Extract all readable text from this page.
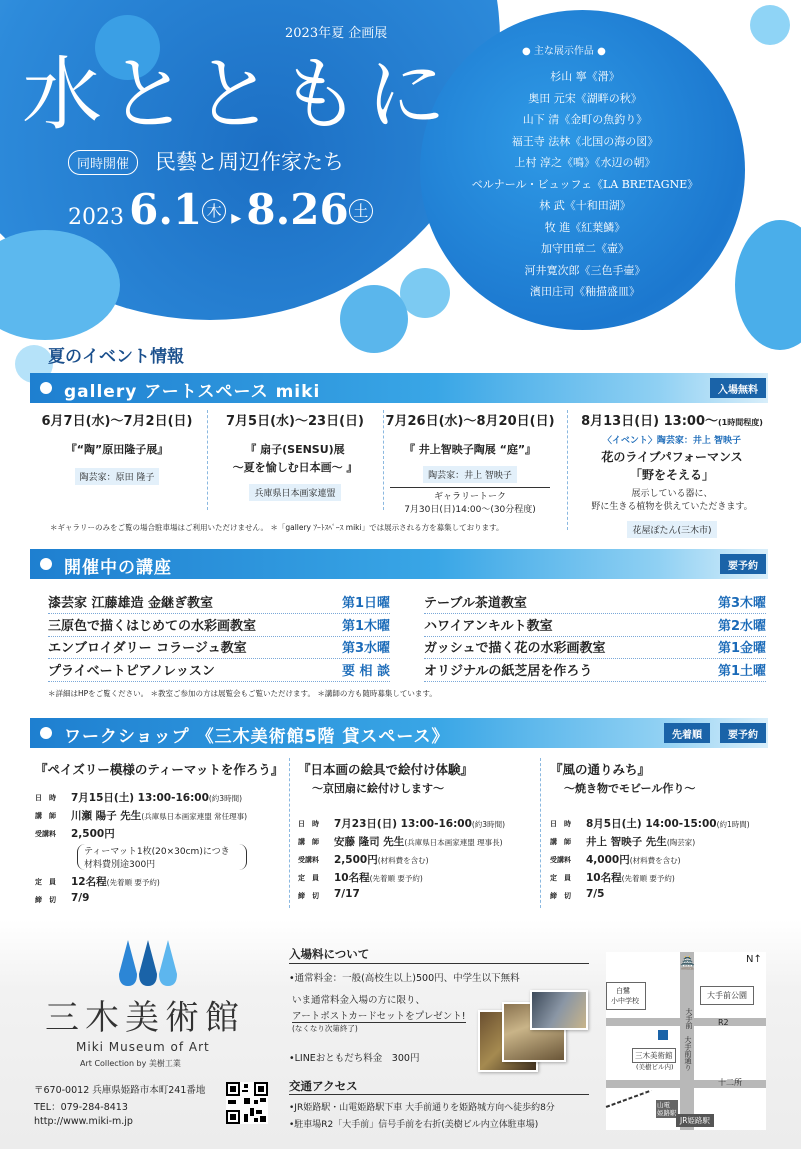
2023年夏 企画展
水とともに
同時開催	民藝と周辺作家たち
2023 6.1 木 ▸ 8.26 土
● 主な展示作品 ●
杉山 寧《滑》
奥田 元宋《湖畔の秋》
山下 清《金町の魚釣り》
福王寺 法林《北国の海の図》
上村 淳之《鳴》《水辺の朝》
ベルナール・ビュッフェ《LA BRETAGNE》
林 武《十和田湖》
牧 進《紅葉鱗》
加守田章二《壷》
河井寛次郎《三色手壷》
濱田庄司《釉描盛皿》
夏のイベント情報
gallery アートスペース miki	入場無料
6月7日(水)～7月2日(日)
『“陶”原田隆子展』
陶芸家：原田 隆子
7月5日(水)～23日(日)
『 扇子(SENSU)展
～夏を愉しむ日本画～ 』
兵庫県日本画家連盟
7月26日(水)～8月20日(日)
『 井上智映子陶展 “庭”』
陶芸家：井上 智映子
ギャラリートーク
7月30日(日)14:00～(30分程度)
8月13日(日) 13:00～(1時間程度)
〈イベント〉陶芸家：井上 智映子
花のライブパフォーマンス
「野をそえる」
展示している器に、
野に生きる植物を供えていただきます。
花屋ぽたん(三木市)
＊ギャラリーのみをご覧の場合駐車場はご利用いただけません。 ＊「gallery ｱｰﾄｽﾍﾟｰｽ miki」では展示される方を募集しております。
開催中の講座	要予約
漆芸家 江藤雄造 金継ぎ教室	第1日曜
三原色で描くはじめての水彩画教室	第1木曜
エンブロイダリー コラージュ教室	第3水曜
プライベートピアノレッスン	要 相 談
テーブル茶道教室	第3木曜
ハワイアンキルト教室	第2水曜
ガッシュで描く花の水彩画教室	第1金曜
オリジナルの紙芝居を作ろう	第1土曜
＊詳細はHPをご覧ください。 ＊教室ご参加の方は展覧会もご覧いただけます。 ＊講師の方も随時募集しています。
ワークショップ 《三木美術館5階 貸スペース》	先着順	要予約
『ペイズリー模様のティーマットを作ろう』
日　時 7月15日(土) 13:00-16:00(約3時間)
講　師 川瀬 陽子 先生(兵庫県日本画家連盟 常任理事)
受講料 2,500円
ティーマット1枚(20×30cm)につき
材料費別途300円
定　員 12名程(先着順 要予約)
締　切 7/9
『日本画の絵具で絵付け体験』
～京団扇に絵付けします～
日　時 7月23日(日) 13:00-16:00(約3時間)
講　師 安藤 隆司 先生(兵庫県日本画家連盟 理事長)
受講料 2,500円(材料費を含む)
定　員 10名程(先着順 要予約)
締　切 7/17
『風の通りみち』
～焼き物でモビール作り～
日　時 8月5日(土) 14:00-15:00(約1時間)
講　師 井上 智映子 先生(陶芸家)
受講料 4,000円(材料費を含む)
定　員 10名程(先着順 要予約)
締　切 7/5
三木美術館
Miki Museum of Art
Art Collection by 美樹工業
〒670-0012 兵庫県姫路市本町241番地
TEL：079-284-8413
http://www.miki-m.jp
入場料について
•通常料金：一般(高校生以上)500円、中学生以下無料
いま通常料金入場の方に限り、
アートポストカードセットをプレゼント!
(なくなり次第終了)
•LINEおともだち料金　300円
交通アクセス
•JR姫路駅・山電姫路駅下車 大手前通りを姫路城方向へ徒歩約8分
•駐車場R2「大手前」信号手前を右折(美樹ビル内立体駐車場)
白鷺
小中学校
大手前公園
大手前
大手前通り
R2
三木美術館
(美樹ビル内)
十二所
山電
姫路駅
JR姫路駅
🏯	N↑
